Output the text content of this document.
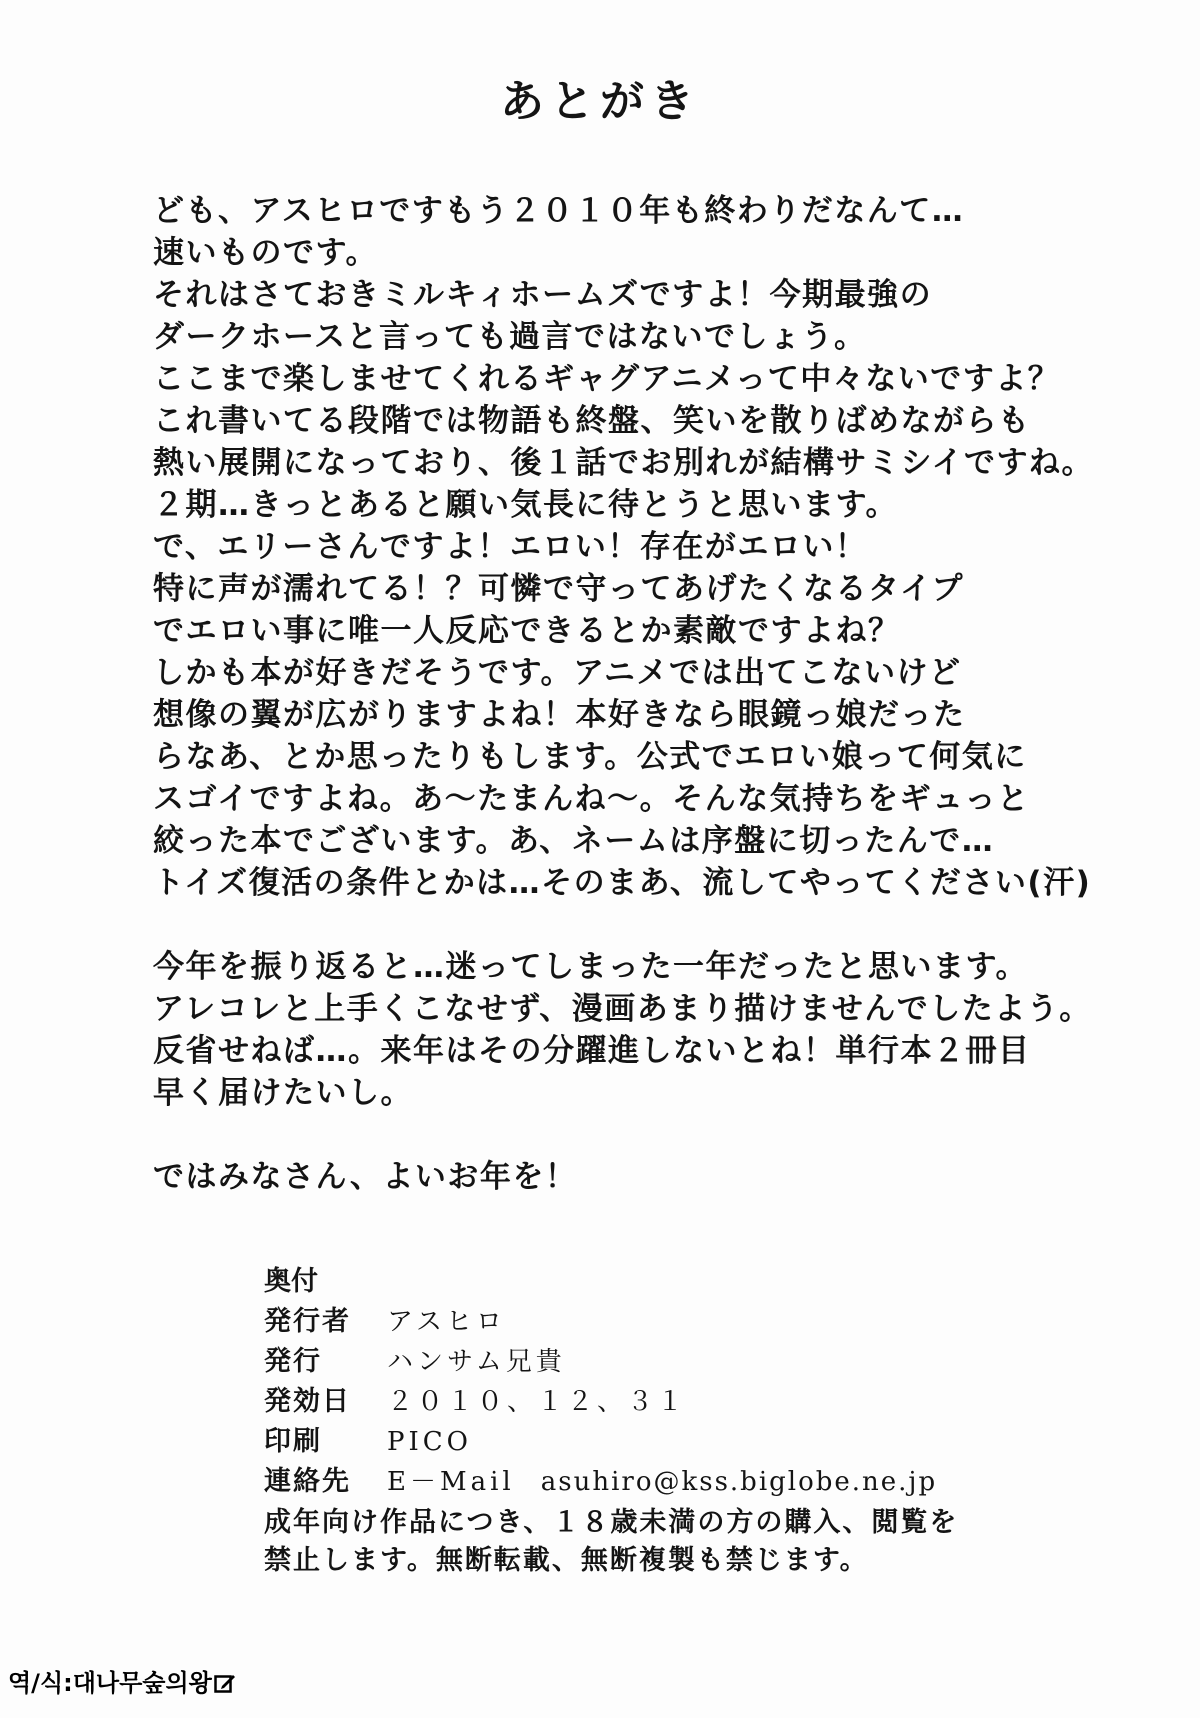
あとがき
ども、アスヒロですもう２０１０年も終わりだなんて…
速いものです。
それはさておきミルキィホームズですよ！今期最強の
ダークホースと言っても過言ではないでしょう。
ここまで楽しませてくれるギャグアニメって中々ないですよ？
これ書いてる段階では物語も終盤、笑いを散りばめながらも
熱い展開になっており、後１話でお別れが結構サミシイですね。
２期…きっとあると願い気長に待とうと思います。
で、エリーさんですよ！エロい！存在がエロい！
特に声が濡れてる！？可憐で守ってあげたくなるタイプ
でエロい事に唯一人反応できるとか素敵ですよね？
しかも本が好きだそうです。アニメでは出てこないけど
想像の翼が広がりますよね！本好きなら眼鏡っ娘だった
らなあ、とか思ったりもします。公式でエロい娘って何気に
スゴイですよね。あ～たまんね～。そんな気持ちをギュっと
絞った本でございます。あ、ネームは序盤に切ったんで…
トイズ復活の条件とかは…そのまあ、流してやってください(汗)
今年を振り返ると…迷ってしまった一年だったと思います。
アレコレと上手くこなせず、漫画あまり描けませんでしたよう。
反省せねば…。来年はその分躍進しないとね！単行本２冊目
早く届けたいし。
ではみなさん、よいお年を！
奥付
発行者	アスヒロ
発行	ハンサム兄貴
発効日	２０１０、１２、３１
印刷	PICO
連絡先	E－Mail asuhiro@kss.biglobe.ne.jp
成年向け作品につき、１８歳未満の方の購入、閲覧を
禁止します。無断転載、無断複製も禁じます。
역/식:대나무숲의왕
